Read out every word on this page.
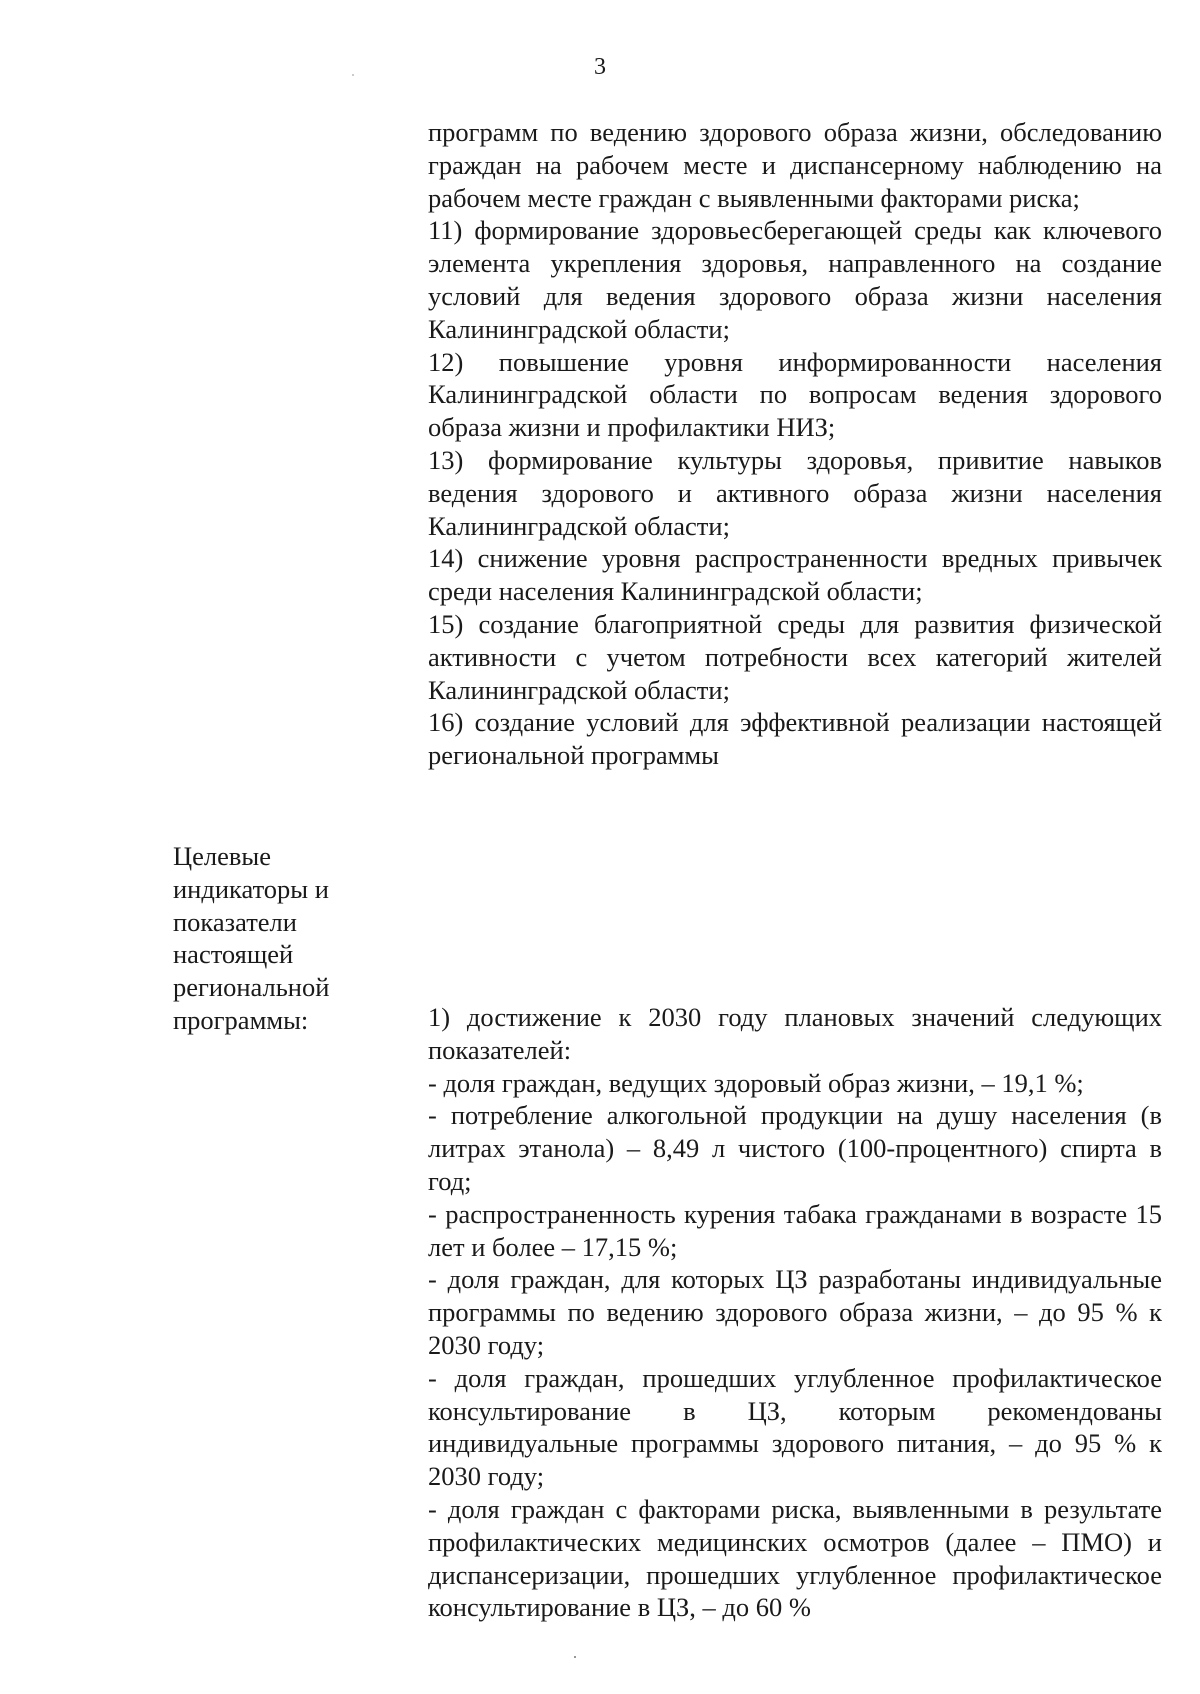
3

программ по ведению здорового образа жизни, обследованию граждан на рабочем месте и диспансерному наблюдению на рабочем месте граждан с выявленными факторами риска;

11) формирование здоровьесберегающей среды как ключевого элемента укрепления здоровья, направленного на создание условий для ведения здорового образа жизни населения Калининградской области;

12) повышение уровня информированности населения Калининградской области по вопросам ведения здорового образа жизни и профилактики НИЗ;

13) формирование культуры здоровья, привитие навыков ведения здорового и активного образа жизни населения Калининградской области;

14) снижение уровня распространенности вредных привычек среди населения Калининградской области;

15) создание благоприятной среды для развития физической активности с учетом потребности всех категорий жителей Калининградской области;

16) создание условий для эффективной реализации настоящей региональной программы

Целевые
индикаторы и
показатели
настоящей
региональной
программы:	1) достижение к 2030 году плановых значений следующих показателей:

- доля граждан, ведущих здоровый образ жизни, – 19,1 %;

- потребление алкогольной продукции на душу населения (в литрах этанола) – 8,49 л чистого (100-процентного) спирта в год;

- распространенность курения табака гражданами в возрасте 15 лет и более – 17,15 %;

- доля граждан, для которых ЦЗ разработаны индивидуальные программы по ведению здорового образа жизни, – до 95 % к 2030 году;

- доля граждан, прошедших углубленное профилактическое консультирование в ЦЗ, которым рекомендованы индивидуальные программы здорового питания, – до 95 % к 2030 году;

- доля граждан с факторами риска, выявленными в результате профилактических медицинских осмотров (далее – ПМО) и диспансеризации, прошедших углубленное профилактическое консультирование в ЦЗ, – до 60 %
